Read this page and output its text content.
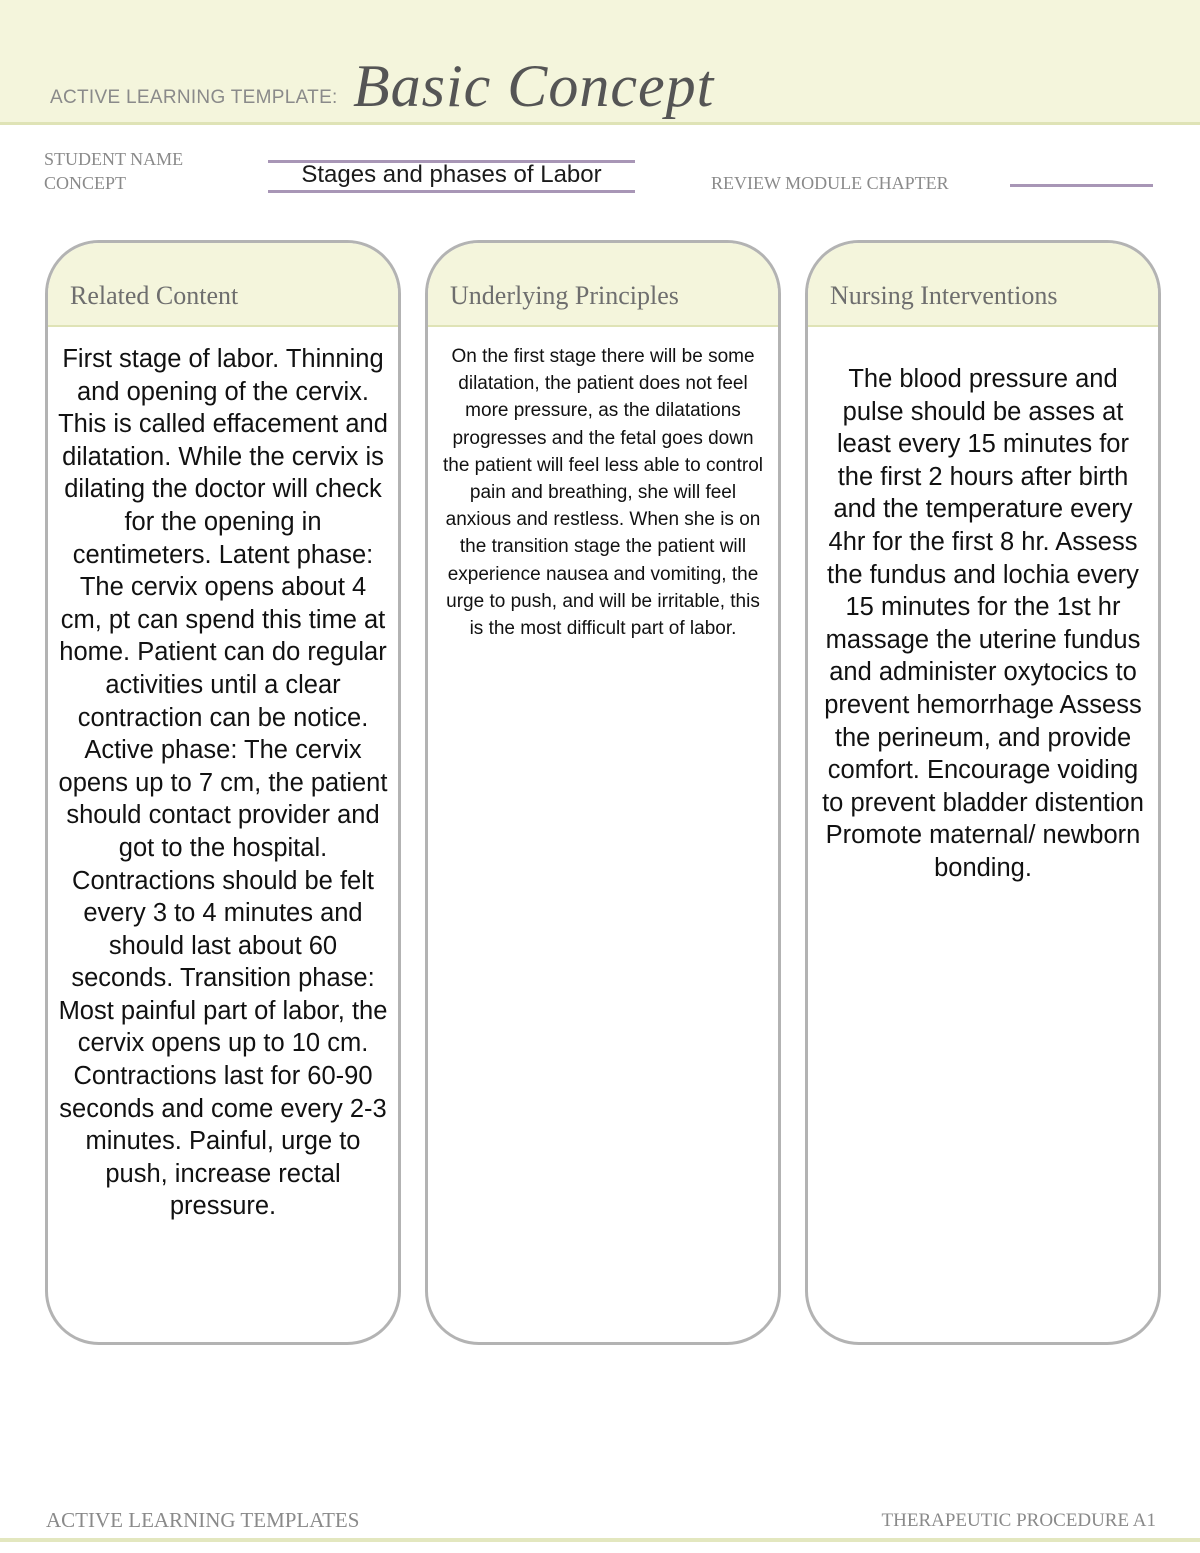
ACTIVE LEARNING TEMPLATE: Basic Concept
STUDENT NAME
CONCEPT	Stages and phases of Labor	REVIEW MODULE CHAPTER
Related Content
First stage of labor. Thinning and opening of the cervix. This is called effacement and dilatation. While the cervix is dilating the doctor will check for the opening in centimeters. Latent phase: The cervix opens about 4 cm, pt can spend this time at home. Patient can do regular activities until a clear contraction can be notice. Active phase: The cervix opens up to 7 cm, the patient should contact provider and got to the hospital. Contractions should be felt every 3 to 4 minutes and should last about 60 seconds. Transition phase: Most painful part of labor, the cervix opens up to 10 cm. Contractions last for 60-90 seconds and come every 2-3 minutes. Painful, urge to push, increase rectal pressure.
Underlying Principles
On the first stage there will be some dilatation, the patient does not feel more pressure, as the dilatations progresses and the fetal goes down the patient will feel less able to control pain and breathing, she will feel anxious and restless. When she is on the transition stage the patient will experience nausea and vomiting, the urge to push, and will be irritable, this is the most difficult part of labor.
Nursing Interventions
The blood pressure and pulse should be asses at least every 15 minutes for the first 2 hours after birth and the temperature every 4hr for the first 8 hr. Assess the fundus and lochia every 15 minutes for the 1st hr massage the uterine fundus and administer oxytocics to prevent hemorrhage Assess the perineum, and provide comfort. Encourage voiding to prevent bladder distention Promote maternal/ newborn bonding.
ACTIVE LEARNING TEMPLATES	THERAPEUTIC PROCEDURE A1
